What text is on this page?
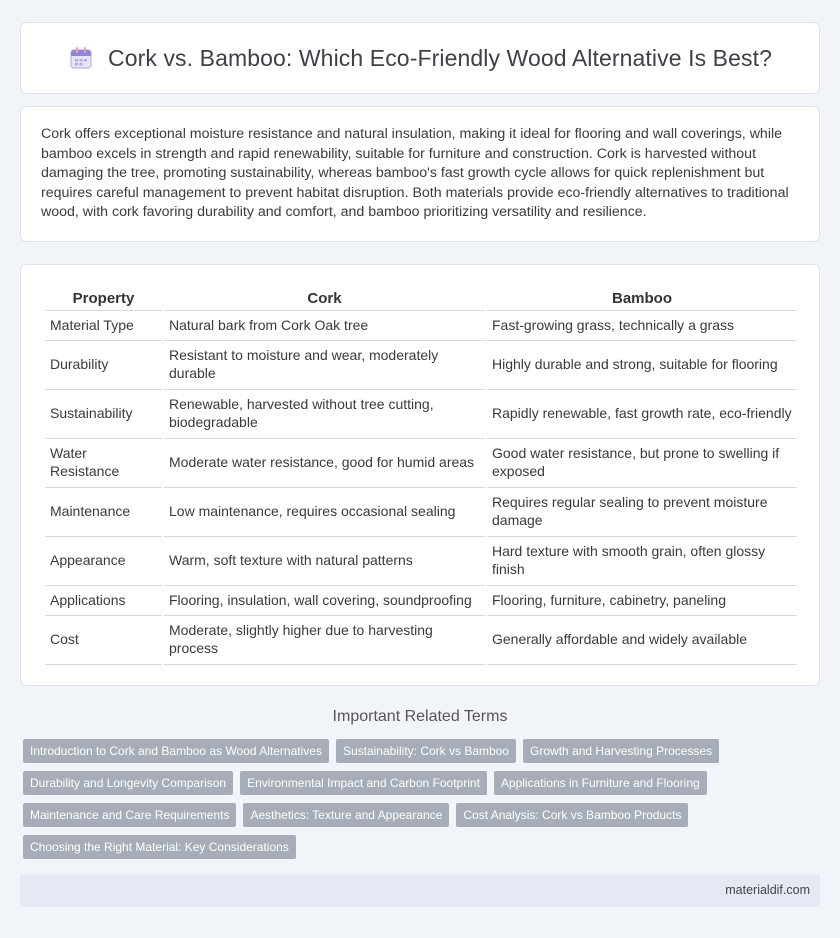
Cork vs. Bamboo: Which Eco-Friendly Wood Alternative Is Best?

Cork offers exceptional moisture resistance and natural insulation, making it ideal for flooring and wall coverings, while bamboo excels in strength and rapid renewability, suitable for furniture and construction. Cork is harvested without damaging the tree, promoting sustainability, whereas bamboo's fast growth cycle allows for quick replenishment but requires careful management to prevent habitat disruption. Both materials provide eco-friendly alternatives to traditional wood, with cork favoring durability and comfort, and bamboo prioritizing versatility and resilience.

Property	Cork	Bamboo
Material Type	Natural bark from Cork Oak tree	Fast-growing grass, technically a grass
Durability	Resistant to moisture and wear, moderately durable	Highly durable and strong, suitable for flooring
Sustainability	Renewable, harvested without tree cutting, biodegradable	Rapidly renewable, fast growth rate, eco-friendly
Water Resistance	Moderate water resistance, good for humid areas	Good water resistance, but prone to swelling if exposed
Maintenance	Low maintenance, requires occasional sealing	Requires regular sealing to prevent moisture damage
Appearance	Warm, soft texture with natural patterns	Hard texture with smooth grain, often glossy finish
Applications	Flooring, insulation, wall covering, soundproofing	Flooring, furniture, cabinetry, paneling
Cost	Moderate, slightly higher due to harvesting process	Generally affordable and widely available
Important Related Terms
Introduction to Cork and Bamboo as Wood Alternatives	Sustainability: Cork vs Bamboo	Growth and Harvesting Processes
Durability and Longevity Comparison	Environmental Impact and Carbon Footprint	Applications in Furniture and Flooring
Maintenance and Care Requirements	Aesthetics: Texture and Appearance	Cost Analysis: Cork vs Bamboo Products
Choosing the Right Material: Key Considerations
materialdif.com
